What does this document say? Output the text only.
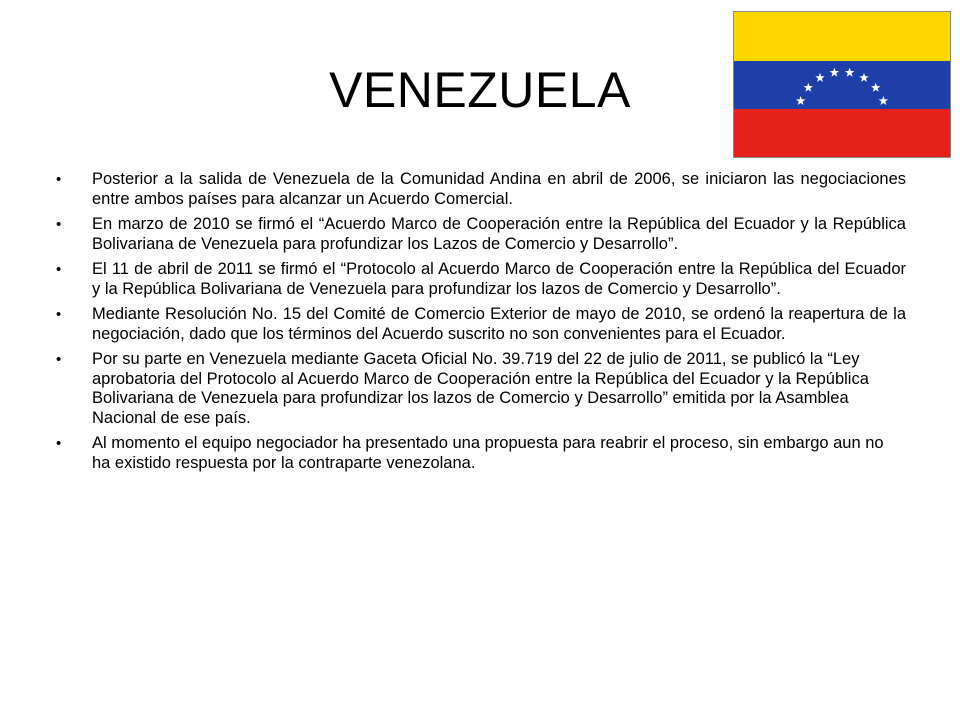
VENEZUELA
• Posterior a la salida de Venezuela de la Comunidad Andina en abril de 2006, se iniciaron las negociaciones entre ambos países para alcanzar un Acuerdo Comercial.
• En marzo de 2010 se firmó el “Acuerdo Marco de Cooperación entre la República del Ecuador y la República Bolivariana de Venezuela para profundizar los Lazos de Comercio y Desarrollo”.
• El 11 de abril de 2011 se firmó el “Protocolo al Acuerdo Marco de Cooperación entre la República del Ecuador y la República Bolivariana de Venezuela para profundizar los lazos de Comercio y Desarrollo”.
• Mediante Resolución No. 15 del Comité de Comercio Exterior de mayo de 2010, se ordenó la reapertura de la negociación, dado que los términos del Acuerdo suscrito no son convenientes para el Ecuador.
• Por su parte en Venezuela mediante Gaceta Oficial No. 39.719 del 22 de julio de 2011, se publicó la “Ley aprobatoria del Protocolo al Acuerdo Marco de Cooperación entre la República del Ecuador y la República Bolivariana de Venezuela para profundizar los lazos de Comercio y Desarrollo” emitida por la Asamblea Nacional de ese país.
• Al momento el equipo negociador ha presentado una propuesta para reabrir el proceso, sin embargo aun no ha existido respuesta por la contraparte venezolana.
